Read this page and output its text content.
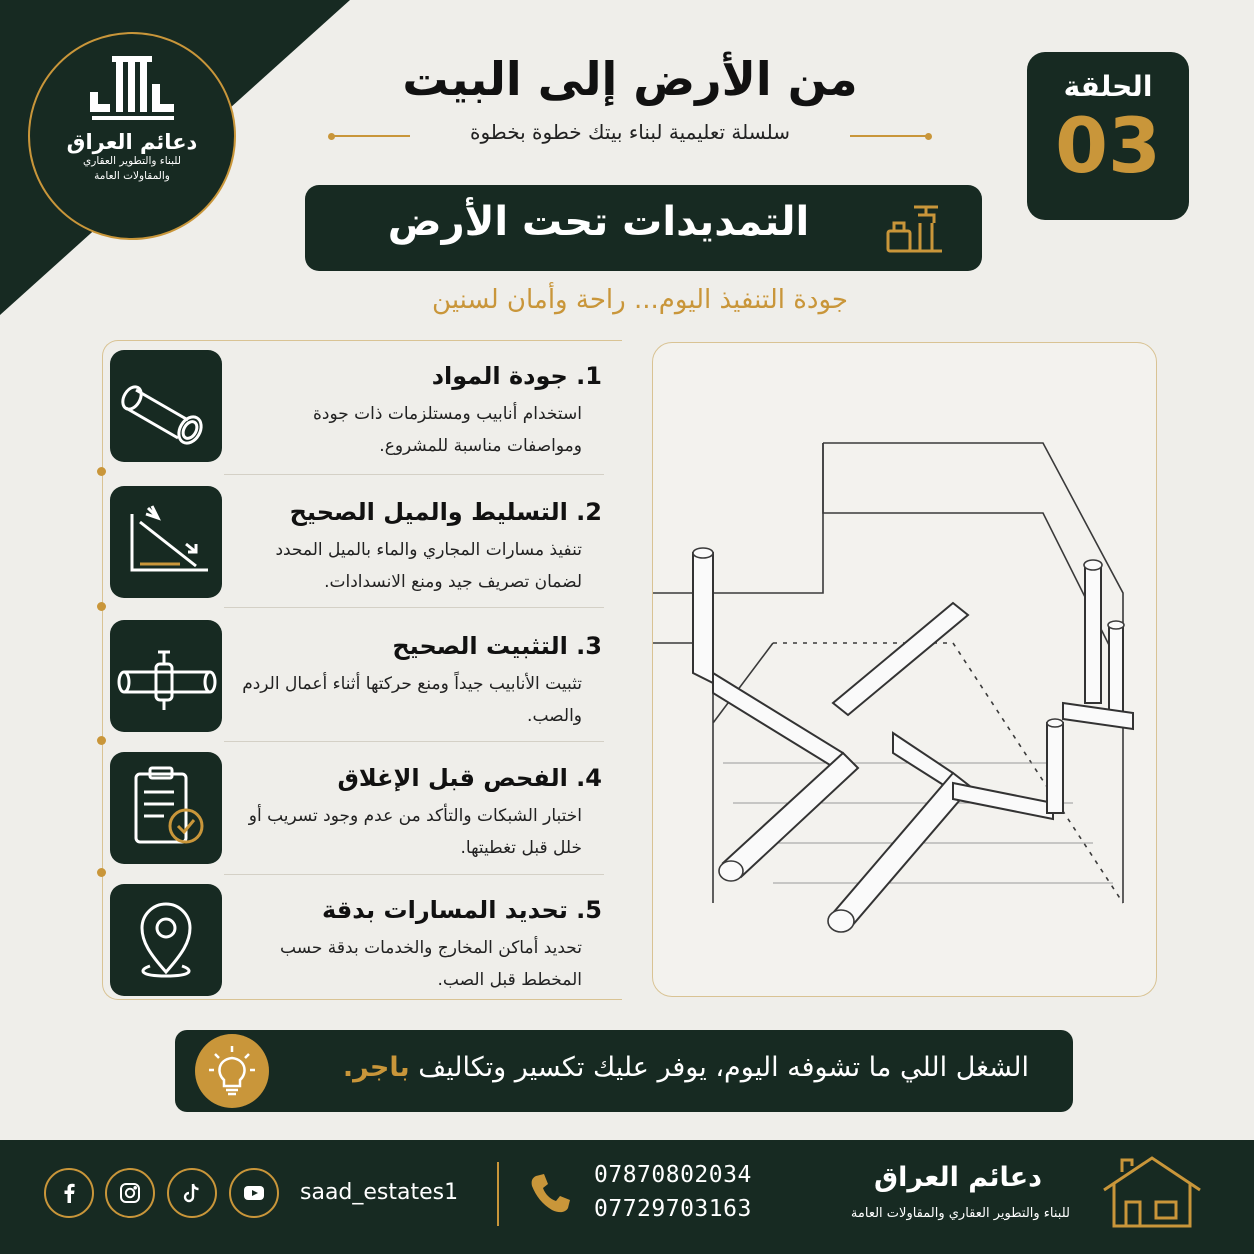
دعائم العراق
للبناء والتطوير العقاري
والمقاولات العامة
الحلقة
03
من الأرض إلى البيت
سلسلة تعليمية لبناء بيتك خطوة بخطوة
التمديدات تحت الأرض
جودة التنفيذ اليوم... راحة وأمان لسنين
1. جودة المواد
استخدام أنابيب ومستلزمات ذات جودة ومواصفات مناسبة للمشروع.
2. التسليط والميل الصحيح
تنفيذ مسارات المجاري والماء بالميل المحدد لضمان تصريف جيد ومنع الانسدادات.
3. التثبيت الصحيح
تثبيت الأنابيب جيداً ومنع حركتها أثناء أعمال الردم والصب.
4. الفحص قبل الإغلاق
اختبار الشبكات والتأكد من عدم وجود تسريب أو خلل قبل تغطيتها.
5. تحديد المسارات بدقة
تحديد أماكن المخارج والخدمات بدقة حسب المخطط قبل الصب.
الشغل اللي ما تشوفه اليوم، يوفر عليك تكسير وتكاليف باجر.
saad_estates1
07870802034
07729703163
دعائم العراق
للبناء والتطوير العقاري والمقاولات العامة
